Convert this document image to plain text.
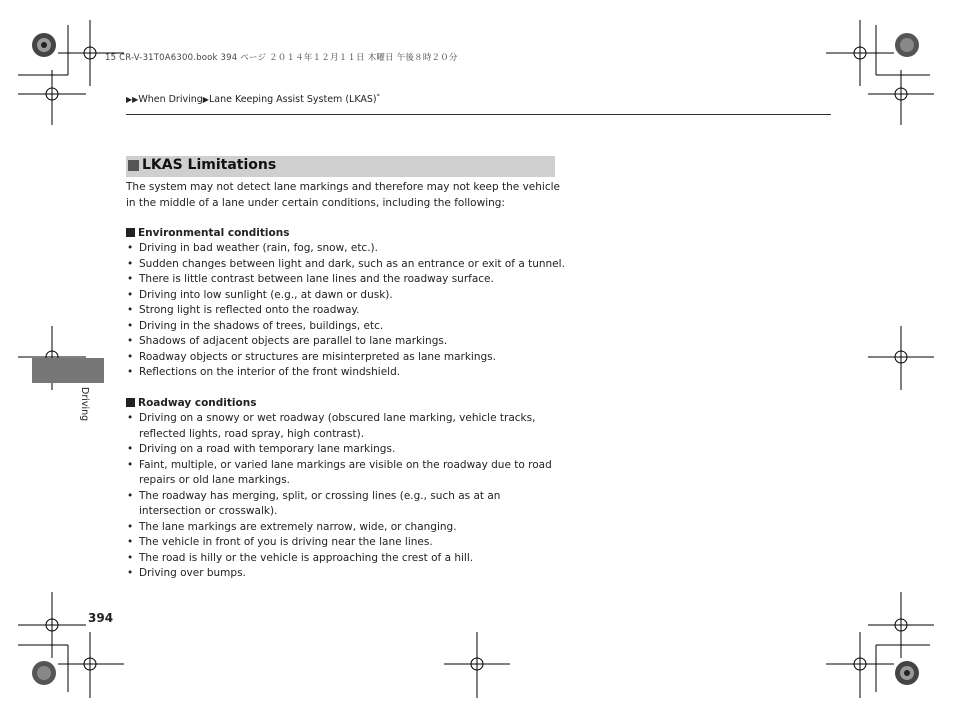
15 CR-V-31T0A6300.book 394 ページ ２０１４年１２月１１日 木曜日 午後８時２０分
▶▶When Driving▶Lane Keeping Assist System (LKAS)*
LKAS Limitations
The system may not detect lane markings and therefore may not keep the vehicle in the middle of a lane under certain conditions, including the following:
Environmental conditions
• Driving in bad weather (rain, fog, snow, etc.).
• Sudden changes between light and dark, such as an entrance or exit of a tunnel.
• There is little contrast between lane lines and the roadway surface.
• Driving into low sunlight (e.g., at dawn or dusk).
• Strong light is reflected onto the roadway.
• Driving in the shadows of trees, buildings, etc.
• Shadows of adjacent objects are parallel to lane markings.
• Roadway objects or structures are misinterpreted as lane markings.
• Reflections on the interior of the front windshield.
Roadway conditions
• Driving on a snowy or wet roadway (obscured lane marking, vehicle tracks, reflected lights, road spray, high contrast).
• Driving on a road with temporary lane markings.
• Faint, multiple, or varied lane markings are visible on the roadway due to road repairs or old lane markings.
• The roadway has merging, split, or crossing lines (e.g., such as at an intersection or crosswalk).
• The lane markings are extremely narrow, wide, or changing.
• The vehicle in front of you is driving near the lane lines.
• The road is hilly or the vehicle is approaching the crest of a hill.
• Driving over bumps.
Driving
394
